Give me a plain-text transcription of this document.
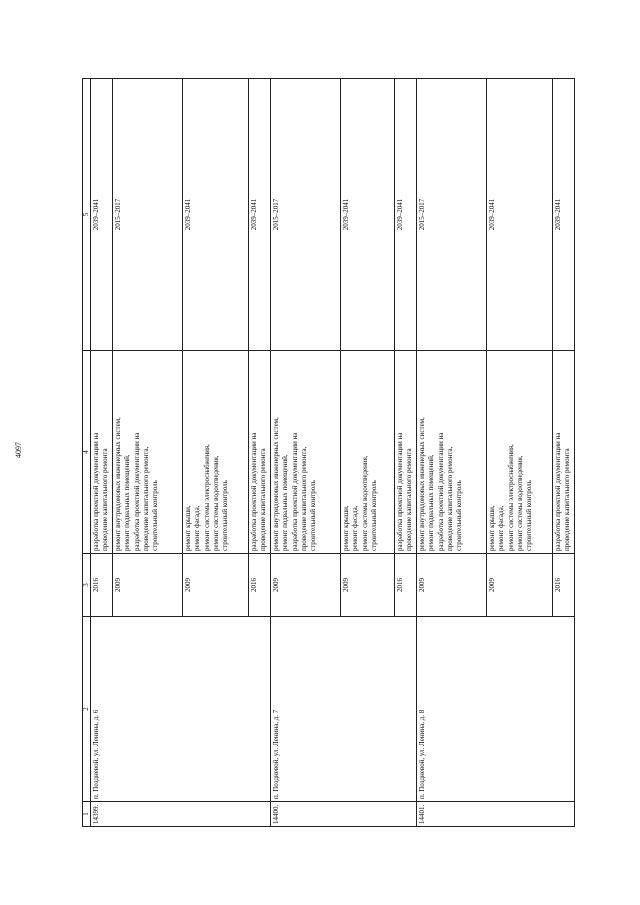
4097
1	2	3	4	5

14399.	п. Поздневой, ул. Ленина, д. 6	2016	разработка проектной документации на проведение капитального ремонта	2039–2041
		2009	ремонт внутридомовых инженерных систем, ремонт подвальных помещений, разработка проектной документации на проведение капитального ремонта, строительный контроль	2015–2017
		2009	ремонт крыши, ремонт фасада, ремонт системы электроснабжения, ремонт системы водоотведения, строительный контроль	2039–2041
		2016	разработка проектной документации на проведение капитального ремонта	2039–2041

14400.	п. Поздневой, ул. Ленина, д. 7	2009	ремонт внутридомовых инженерных систем, ремонт подвальных помещений, разработка проектной документации на проведение капитального ремонта, строительный контроль	2015–2017
		2009	ремонт крыши, ремонт фасада, ремонт системы водоотведения, строительный контроль	2039–2041
		2016	разработка проектной документации на проведение капитального ремонта	2039–2041

14401.	п. Поздневой, ул. Ленина, д. 8	2009	ремонт внутридомовых инженерных систем, ремонт подвальных помещений, разработка проектной документации на проведение капитального ремонта, строительный контроль	2015–2017
		2009	ремонт крыши, ремонт фасада, ремонт системы электроснабжения, ремонт системы водоотведения, строительный контроль	2039–2041
		2016	разработка проектной документации на проведение капитального ремонта	2039–2041
